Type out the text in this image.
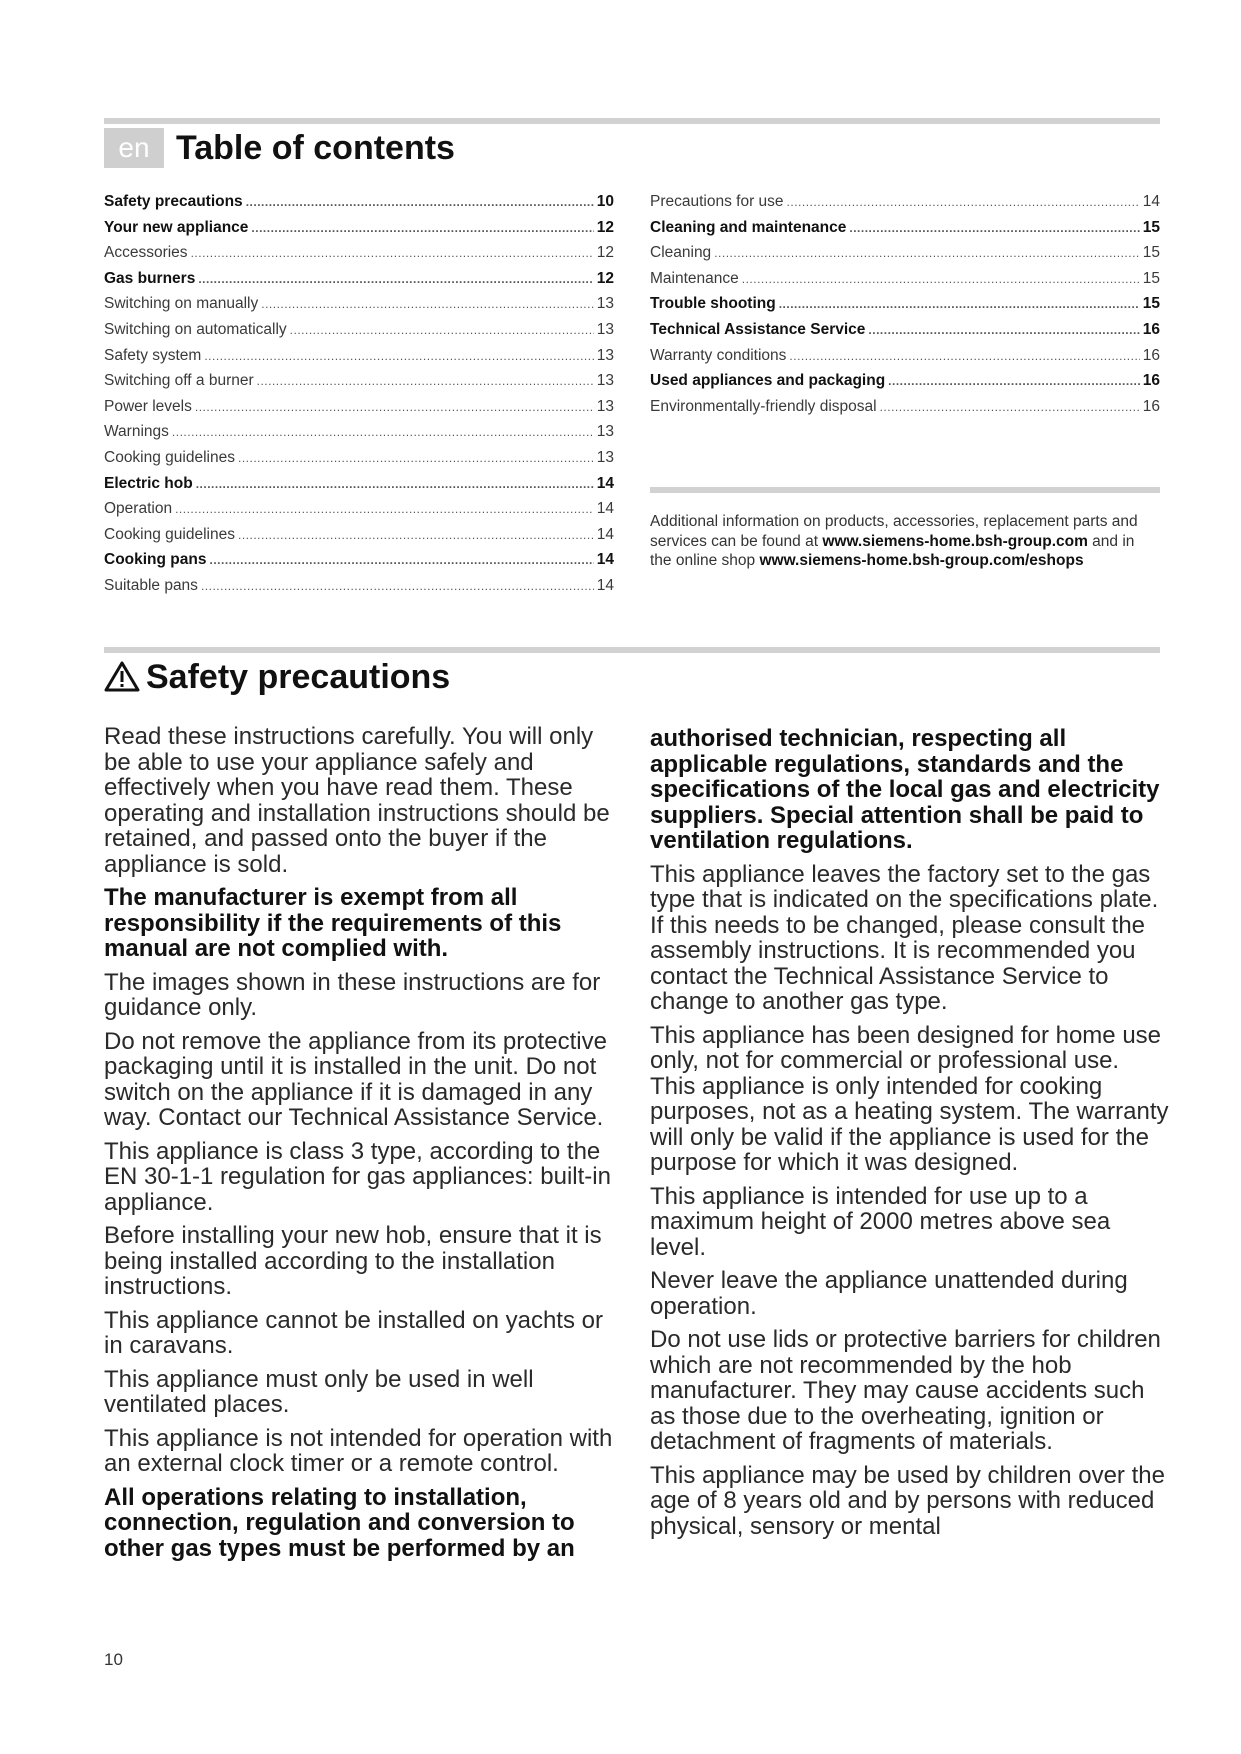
en Table of contents
Safety precautions .....	10
Your new appliance .....	12
Accessories .....	12
Gas burners .....	12
Switching on manually .....	13
Switching on automatically .....	13
Safety system .....	13
Switching off a burner .....	13
Power levels .....	13
Warnings .....	13
Cooking guidelines .....	13
Electric hob .....	14
Operation .....	14
Cooking guidelines .....	14
Cooking pans .....	14
Suitable pans .....	14
Precautions for use .....	14
Cleaning and maintenance .....	15
Cleaning .....	15
Maintenance .....	15
Trouble shooting .....	15
Technical Assistance Service .....	16
Warranty conditions .....	16
Used appliances and packaging .....	16
Environmentally-friendly disposal .....	16
Additional information on products, accessories, replacement parts and services can be found at www.siemens-home.bsh-group.com and in the online shop www.siemens-home.bsh-group.com/eshops
Safety precautions

Read these instructions carefully. You will only be able to use your appliance safely and effectively when you have read them. These operating and installation instructions should be retained, and passed onto the buyer if the appliance is sold.

The manufacturer is exempt from all responsibility if the requirements of this manual are not complied with.

The images shown in these instructions are for guidance only.

Do not remove the appliance from its protective packaging until it is installed in the unit. Do not switch on the appliance if it is damaged in any way. Contact our Technical Assistance Service.

This appliance is class 3 type, according to the EN 30-1-1 regulation for gas appliances: built-in appliance.

Before installing your new hob, ensure that it is being installed according to the installation instructions.

This appliance cannot be installed on yachts or in caravans.

This appliance must only be used in well ventilated places.

This appliance is not intended for operation with an external clock timer or a remote control.

All operations relating to installation, connection, regulation and conversion to other gas types must be performed by an

authorised technician, respecting all applicable regulations, standards and the specifications of the local gas and electricity suppliers. Special attention shall be paid to ventilation regulations.

This appliance leaves the factory set to the gas type that is indicated on the specifications plate. If this needs to be changed, please consult the assembly instructions. It is recommended you contact the Technical Assistance Service to change to another gas type.

This appliance has been designed for home use only, not for commercial or professional use. This appliance is only intended for cooking purposes, not as a heating system. The warranty will only be valid if the appliance is used for the purpose for which it was designed.

This appliance is intended for use up to a maximum height of 2000 metres above sea level.

Never leave the appliance unattended during operation.

Do not use lids or protective barriers for children which are not recommended by the hob manufacturer. They may cause accidents such as those due to the overheating, ignition or detachment of fragments of materials.

This appliance may be used by children over the age of 8 years old and by persons with reduced physical, sensory or mental

10
